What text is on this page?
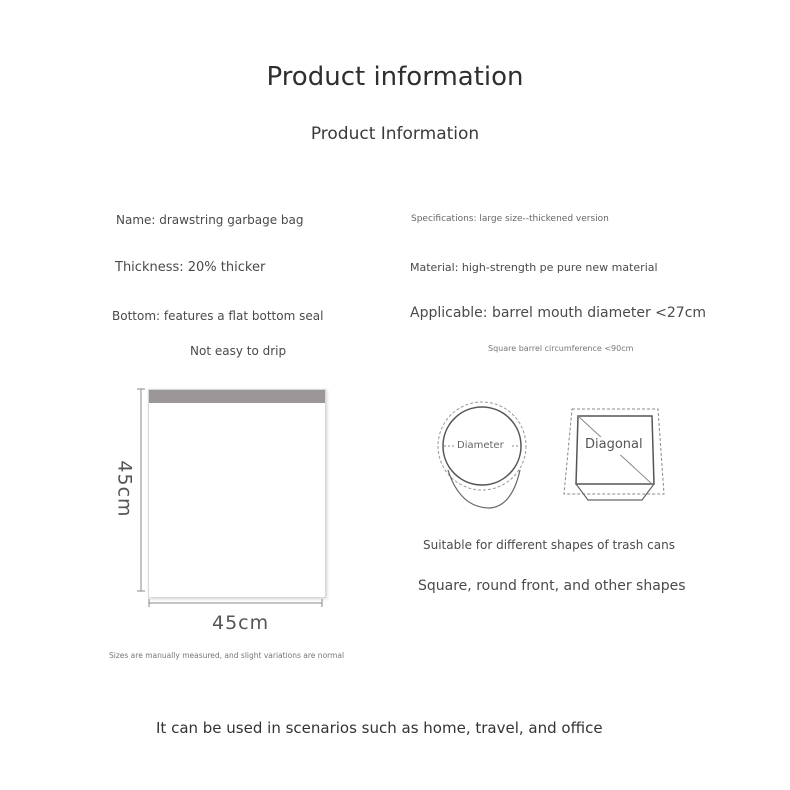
Product information
Product Information
Name: drawstring garbage bag	Specifications: large size--thickened version
Thickness: 20% thicker	Material: high-strength pe pure new material
Bottom: features a flat bottom seal	Applicable: barrel mouth diameter <27cm
Not easy to drip	Square barrel circumference <90cm
45cm
45cm
Sizes are manually measured, and slight variations are normal
Diameter	Diagonal
Suitable for different shapes of trash cans
Square, round front, and other shapes
It can be used in scenarios such as home, travel, and office
